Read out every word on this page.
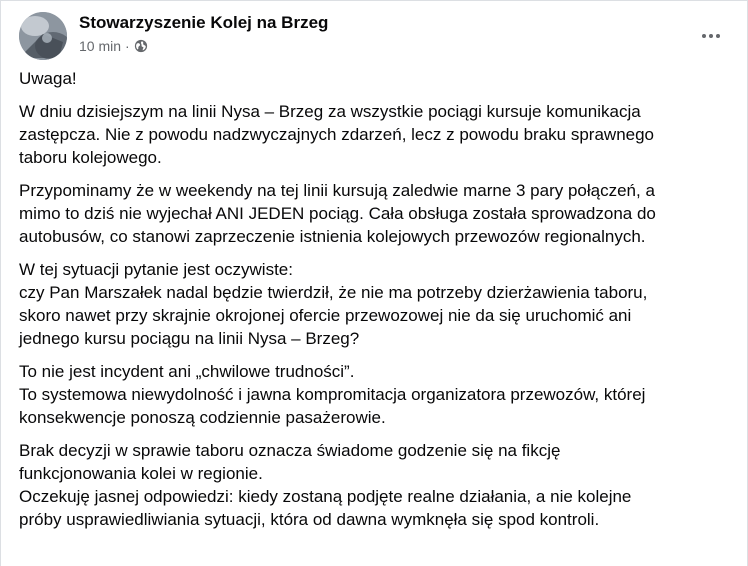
Stowarzyszenie Kolej na Brzeg
10 min ·

Uwaga!

W dniu dzisiejszym na linii Nysa – Brzeg za wszystkie pociągi kursuje komunikacja
zastępcza. Nie z powodu nadzwyczajnych zdarzeń, lecz z powodu braku sprawnego
taboru kolejowego.

Przypominamy że w weekendy na tej linii kursują zaledwie marne 3 pary połączeń, a
mimo to dziś nie wyjechał ANI JEDEN pociąg. Cała obsługa została sprowadzona do
autobusów, co stanowi zaprzeczenie istnienia kolejowych przewozów regionalnych.

W tej sytuacji pytanie jest oczywiste:
czy Pan Marszałek nadal będzie twierdził, że nie ma potrzeby dzierżawienia taboru,
skoro nawet przy skrajnie okrojonej ofercie przewozowej nie da się uruchomić ani
jednego kursu pociągu na linii Nysa – Brzeg?

To nie jest incydent ani „chwilowe trudności”.
To systemowa niewydolność i jawna kompromitacja organizatora przewozów, której
konsekwencje ponoszą codziennie pasażerowie.

Brak decyzji w sprawie taboru oznacza świadome godzenie się na fikcję
funkcjonowania kolei w regionie.
Oczekuję jasnej odpowiedzi: kiedy zostaną podjęte realne działania, a nie kolejne
próby usprawiedliwiania sytuacji, która od dawna wymknęła się spod kontroli.
